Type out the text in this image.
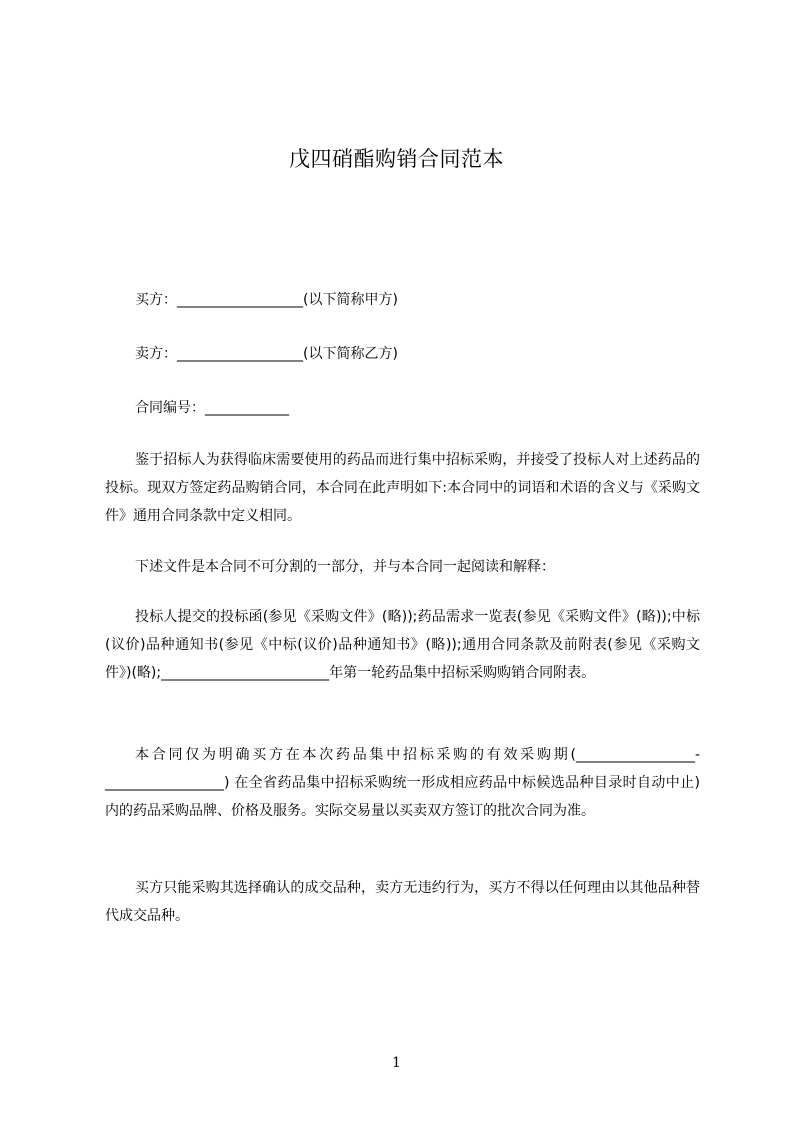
戊四硝酯购销合同范本
买方：__________________(以下简称甲方)
卖方：__________________(以下简称乙方)
合同编号：____________
鉴于招标人为获得临床需要使用的药品而进行集中招标采购，并接受了投标人对上述药品的投标。现双方签定药品购销合同，本合同在此声明如下:本合同中的词语和术语的含义与《采购文件》通用合同条款中定义相同。
下述文件是本合同不可分割的一部分，并与本合同一起阅读和解释：
投标人提交的投标函(参见《采购文件》(略));药品需求一览表(参见《采购文件》(略));中标(议价)品种通知书(参见《中标(议价)品种通知书》(略));通用合同条款及前附表(参见《采购文件》)(略);________________________年第一轮药品集中招标采购购销合同附表。
本合同仅为明确买方在本次药品集中招标采购的有效采购期(_________________-_________________) 在全省药品集中招标采购统一形成相应药品中标候选品种目录时自动中止)内的药品采购品牌、价格及服务。实际交易量以买卖双方签订的批次合同为准。
买方只能采购其选择确认的成交品种，卖方无违约行为，买方不得以任何理由以其他品种替代成交品种。
1
